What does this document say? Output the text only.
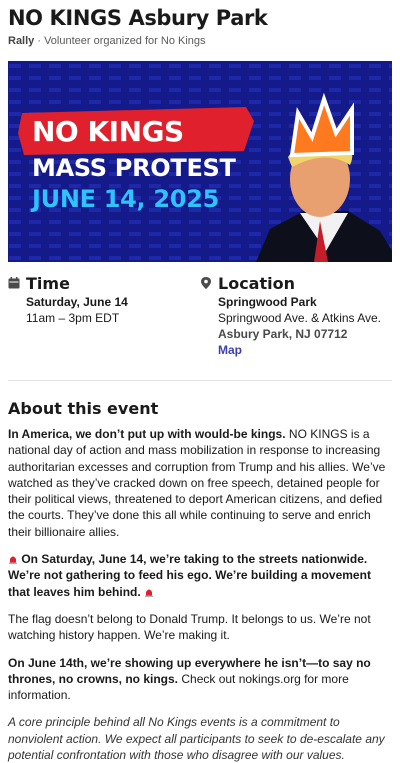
NO KINGS Asbury Park
Rally · Volunteer organized for No Kings
NO KINGS
MASS PROTEST
JUNE 14, 2025
Time
Saturday, June 14
11am – 3pm EDT
Location
Springwood Park
Springwood Ave. & Atkins Ave.
Asbury Park, NJ 07712
Map
About this event

In America, we don’t put up with would-be kings. NO KINGS is a national day of action and mass mobilization in response to increasing authoritarian excesses and corruption from Trump and his allies. We’ve watched as they’ve cracked down on free speech, detained people for their political views, threatened to deport American citizens, and defied the courts. They’ve done this all while continuing to serve and enrich their billionaire allies.

On Saturday, June 14, we’re taking to the streets nationwide. We’re not gathering to feed his ego. We’re building a movement that leaves him behind.

The flag doesn’t belong to Donald Trump. It belongs to us. We’re not watching history happen. We’re making it.

On June 14th, we’re showing up everywhere he isn’t—to say no thrones, no crowns, no kings. Check out nokings.org for more information.

A core principle behind all No Kings events is a commitment to nonviolent action. We expect all participants to seek to de-escalate any potential confrontation with those who disagree with our values.
